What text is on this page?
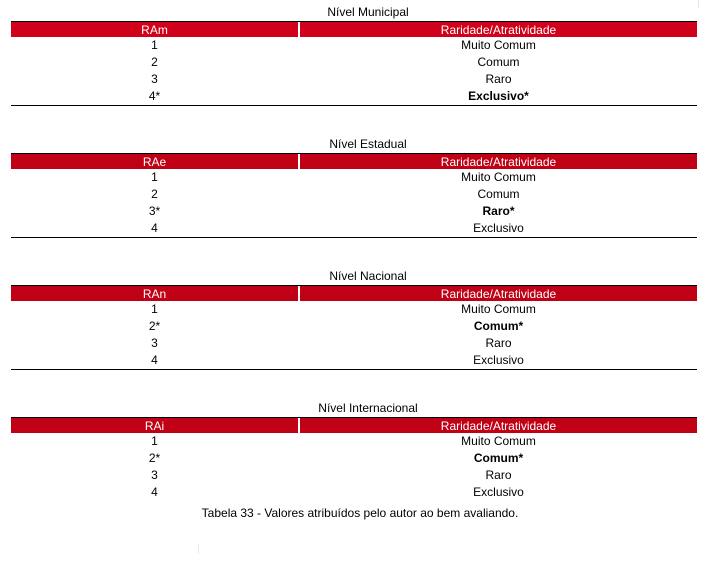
Nível Municipal
RAm	Raridade/Atratividade
1	Muito Comum
2	Comum
3	Raro
4*	Exclusivo*
Nível Estadual
RAe	Raridade/Atratividade
1	Muito Comum
2	Comum
3*	Raro*
4	Exclusivo
Nível Nacional
RAn	Raridade/Atratividade
1	Muito Comum
2*	Comum*
3	Raro
4	Exclusivo
Nível Internacional
RAi	Raridade/Atratividade
1	Muito Comum
2*	Comum*
3	Raro
4	Exclusivo
Tabela 33 - Valores atribuídos pelo autor ao bem avaliando.
